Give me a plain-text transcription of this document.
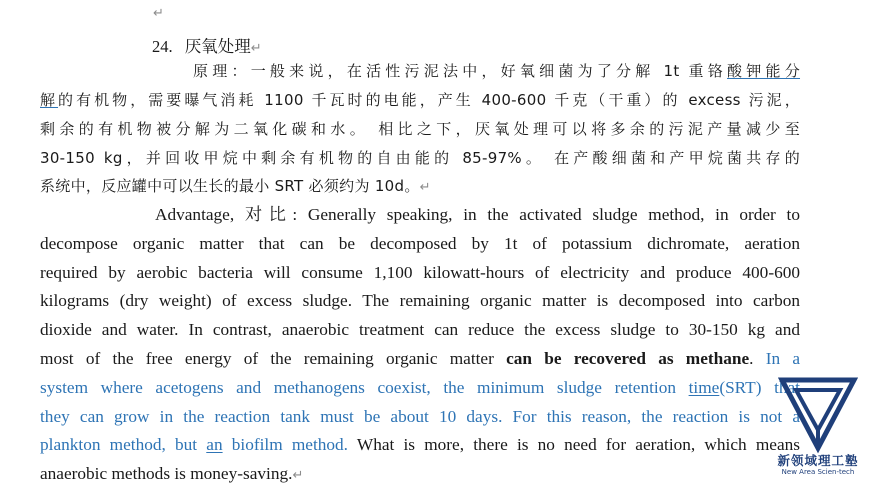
↵
24. 厌氧处理↵
原理：一般来说，在活性污泥法中，好氧细菌为了分解 1t 重铬酸钾能分
解的有机物，需要曝气消耗 1100 千瓦时的电能，产生 400-600 千克（干重）的 excess 污泥，
剩余的有机物被分解为二氧化碳和水。 相比之下，厌氧处理可以将多余的污泥产量减少至
30-150 kg，并回收甲烷中剩余有机物的自由能的 85-97%。 在产酸细菌和产甲烷菌共存的
系统中，反应罐中可以生长的最小 SRT 必须约为 10d。↵
Advantage, 对比: Generally speaking, in the activated sludge method, in order to
decompose organic matter that can be decomposed by 1t of potassium dichromate, aeration
required by aerobic bacteria will consume 1,100 kilowatt-hours of electricity and produce 400-600
kilograms (dry weight) of excess sludge. The remaining organic matter is decomposed into carbon
dioxide and water. In contrast, anaerobic treatment can reduce the excess sludge to 30-150 kg and
most of the free energy of the remaining organic matter can be recovered as methane. In a
system where acetogens and methanogens coexist, the minimum sludge retention time(SRT) that
they can grow in the reaction tank must be about 10 days. For this reason, the reaction is not a
plankton method, but an biofilm method. What is more, there is no need for aeration, which means
anaerobic methods is money-saving.↵
新领域理工塾
New Area Scien-tech
